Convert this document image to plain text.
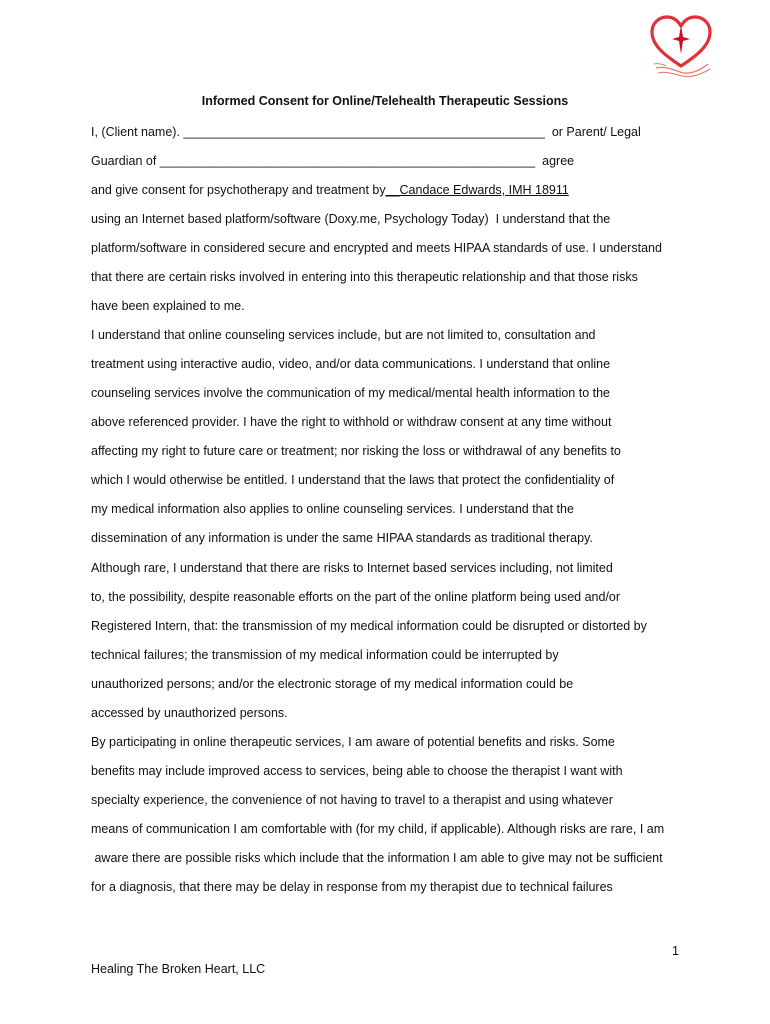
Informed Consent for Online/Telehealth Therapeutic Sessions
I, (Client name). ____________________________________________________  or Parent/ Legal
Guardian of ______________________________________________________  agree
and give consent for psychotherapy and treatment by__Candace Edwards, IMH 18911
using an Internet based platform/software (Doxy.me, Psychology Today)  I understand that the
platform/software in considered secure and encrypted and meets HIPAA standards of use. I understand
that there are certain risks involved in entering into this therapeutic relationship and that those risks
have been explained to me.
I understand that online counseling services include, but are not limited to, consultation and
treatment using interactive audio, video, and/or data communications. I understand that online
counseling services involve the communication of my medical/mental health information to the
above referenced provider. I have the right to withhold or withdraw consent at any time without
affecting my right to future care or treatment; nor risking the loss or withdrawal of any benefits to
which I would otherwise be entitled. I understand that the laws that protect the confidentiality of
my medical information also applies to online counseling services. I understand that the
dissemination of any information is under the same HIPAA standards as traditional therapy.
Although rare, I understand that there are risks to Internet based services including, not limited
to, the possibility, despite reasonable efforts on the part of the online platform being used and/or
Registered Intern, that: the transmission of my medical information could be disrupted or distorted by
technical failures; the transmission of my medical information could be interrupted by
unauthorized persons; and/or the electronic storage of my medical information could be
accessed by unauthorized persons.
By participating in online therapeutic services, I am aware of potential benefits and risks. Some
benefits may include improved access to services, being able to choose the therapist I want with
specialty experience, the convenience of not having to travel to a therapist and using whatever
means of communication I am comfortable with (for my child, if applicable). Although risks are rare, I am
aware there are possible risks which include that the information I am able to give may not be sufficient
for a diagnosis, that there may be delay in response from my therapist due to technical failures
1
Healing The Broken Heart, LLC
